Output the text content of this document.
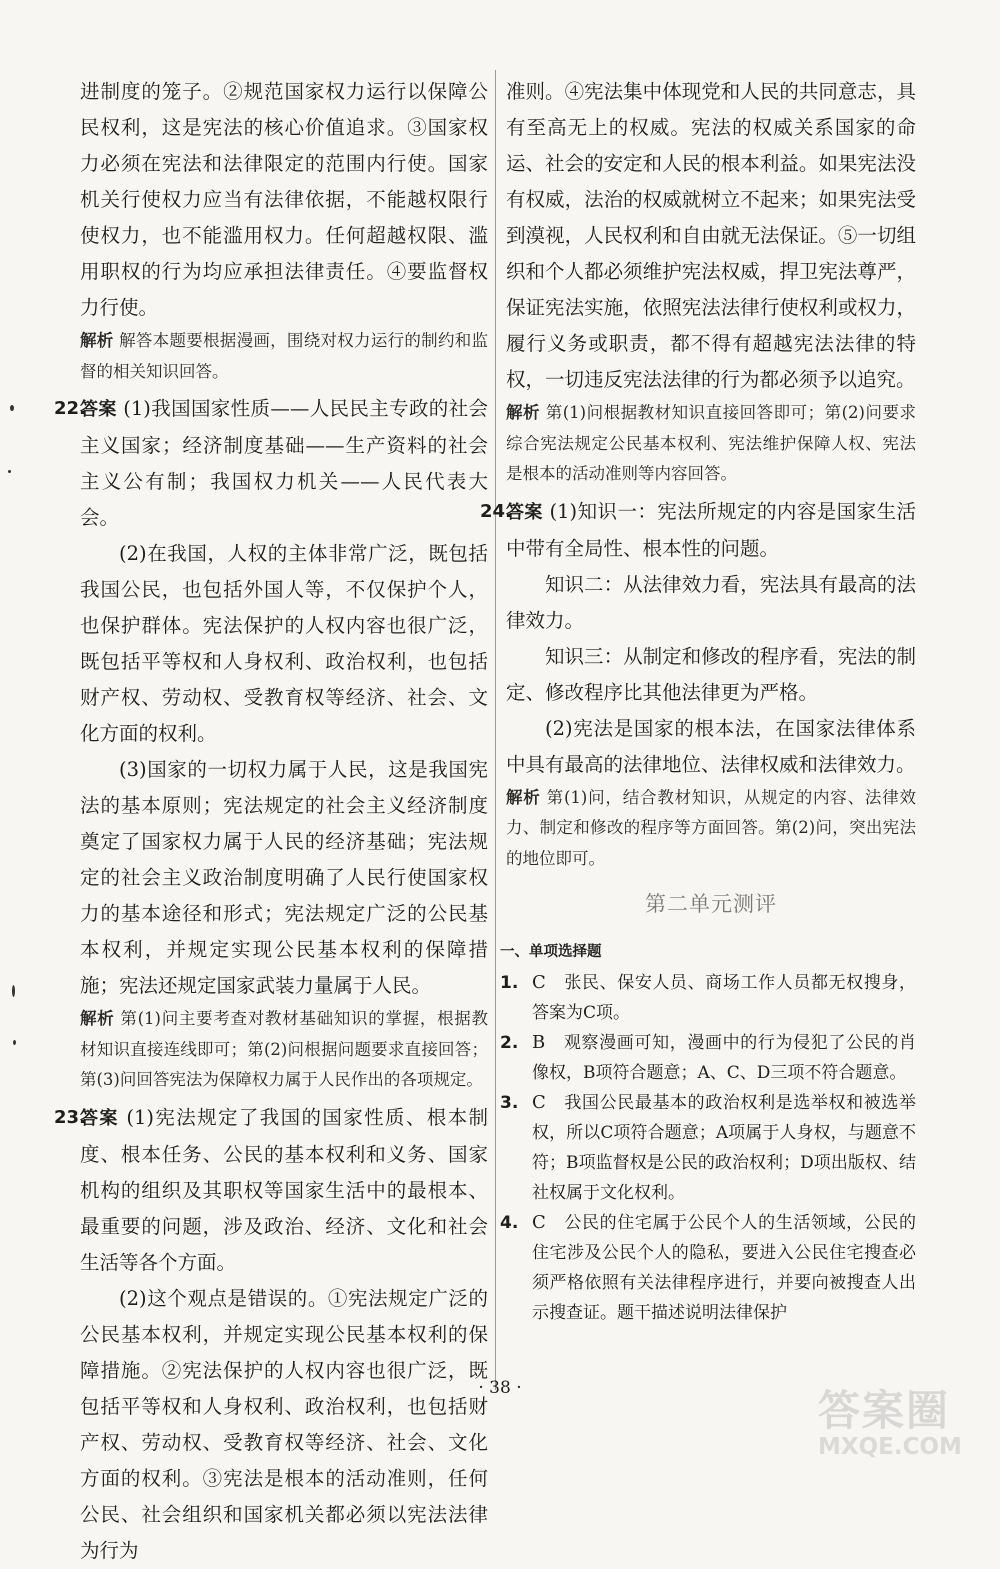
进制度的笼子。②规范国家权力运行以保障公民权利，这是宪法的核心价值追求。③国家权力必须在宪法和法律限定的范围内行使。国家机关行使权力应当有法律依据，不能越权限行使权力，也不能滥用权力。任何超越权限、滥用职权的行为均应承担法律责任。④要监督权力行使。

解析 解答本题要根据漫画，围绕对权力运行的制约和监督的相关知识回答。

22.
答案 (1)我国国家性质——人民民主专政的社会主义国家；经济制度基础——生产资料的社会主义公有制；我国权力机关——人民代表大会。

(2)在我国，人权的主体非常广泛，既包括我国公民，也包括外国人等，不仅保护个人，也保护群体。宪法保护的人权内容也很广泛，既包括平等权和人身权利、政治权利，也包括财产权、劳动权、受教育权等经济、社会、文化方面的权利。

(3)国家的一切权力属于人民，这是我国宪法的基本原则；宪法规定的社会主义经济制度奠定了国家权力属于人民的经济基础；宪法规定的社会主义政治制度明确了人民行使国家权力的基本途径和形式；宪法规定广泛的公民基本权利，并规定实现公民基本权利的保障措施；宪法还规定国家武装力量属于人民。

解析 第(1)问主要考查对教材基础知识的掌握，根据教材知识直接连线即可；第(2)问根据问题要求直接回答；第(3)问回答宪法为保障权力属于人民作出的各项规定。

23.
答案 (1)宪法规定了我国的国家性质、根本制度、根本任务、公民的基本权利和义务、国家机构的组织及其职权等国家生活中的最根本、最重要的问题，涉及政治、经济、文化和社会生活等各个方面。

(2)这个观点是错误的。①宪法规定广泛的公民基本权利，并规定实现公民基本权利的保障措施。②宪法保护的人权内容也很广泛，既包括平等权和人身权利、政治权利，也包括财产权、劳动权、受教育权等经济、社会、文化方面的权利。③宪法是根本的活动准则，任何公民、社会组织和国家机关都必须以宪法法律为行为

准则。④宪法集中体现党和人民的共同意志，具有至高无上的权威。宪法的权威关系国家的命运、社会的安定和人民的根本利益。如果宪法没有权威，法治的权威就树立不起来；如果宪法受到漠视，人民权利和自由就无法保证。⑤一切组织和个人都必须维护宪法权威，捍卫宪法尊严，保证宪法实施，依照宪法法律行使权利或权力，履行义务或职责，都不得有超越宪法法律的特权，一切违反宪法法律的行为都必须予以追究。

解析 第(1)问根据教材知识直接回答即可；第(2)问要求综合宪法规定公民基本权利、宪法维护保障人权、宪法是根本的活动准则等内容回答。

24.
答案 (1)知识一：宪法所规定的内容是国家生活中带有全局性、根本性的问题。

知识二：从法律效力看，宪法具有最高的法律效力。

知识三：从制定和修改的程序看，宪法的制定、修改程序比其他法律更为严格。

(2)宪法是国家的根本法，在国家法律体系中具有最高的法律地位、法律权威和法律效力。

解析 第(1)问，结合教材知识，从规定的内容、法律效力、制定和修改的程序等方面回答。第(2)问，突出宪法的地位即可。

第二单元测评
一、单项选择题

1. C 张民、保安人员、商场工作人员都无权搜身，答案为C项。

2. B 观察漫画可知，漫画中的行为侵犯了公民的肖像权，B项符合题意；A、C、D三项不符合题意。

3. C 我国公民最基本的政治权利是选举权和被选举权，所以C项符合题意；A项属于人身权，与题意不符；B项监督权是公民的政治权利；D项出版权、结社权属于文化权利。

4. C 公民的住宅属于公民个人的生活领域，公民的住宅涉及公民个人的隐私，要进入公民住宅搜查必须严格依照有关法律程序进行，并要向被搜查人出示搜查证。题干描述说明法律保护

· 38 ·	答案圈
MXQE.COM
